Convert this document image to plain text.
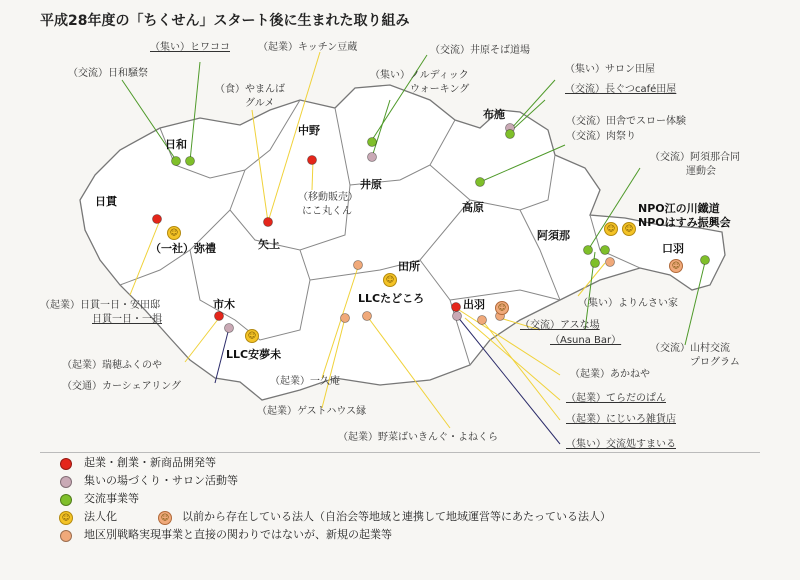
平成28年度の「ちくせん」スタート後に生まれた取り組み
☺
☺
☺
☺	☺
☺
☺
日和
中野
井原
布施
日貫
矢上
高原
阿須那
市木
田所
出羽
口羽
（一社）弥禮
LLC安夢未
LLCたどころ
NPO江の川鐵道
NPOはすみ振興会
（集い）ヒワココ	（起業）キッチン豆蔵	（交流）井原そば道場
（交流）日和騒祭
（食）やまんば
グルメ
（集い）ノルディック
ウォーキング
（集い）サロン田屋
（交流）長ぐつcafé田屋
（交流）田舎でスロー体験
（交流）肉祭り
（交流）阿須那合同
運動会
（移動販売）
にこ丸くん
（起業）日貫一日・安田邸
日貫一日・一揖
（集い）よりんさい家
（交流）アスな場
（Asuna Bar）
（交流）山村交流
プログラム
（起業）瑞穂ふくのや
（交通）カーシェアリング	（起業）一久庵
（起業）ゲストハウス縁
（起業）あかねや
（起業）てらだのぱん
（起業）にじいろ雑貨店
（起業）野菜ばいきんぐ・よねくら
（集い）交流処すまいる
起業・創業・新商品開発等
集いの場づくり・サロン活動等
交流事業等
☺ 法人化	☺ 以前から存在している法人（自治会等地域と連携して地域運営等にあたっている法人）
地区別戦略実現事業と直接の関わりではないが、新規の起業等
